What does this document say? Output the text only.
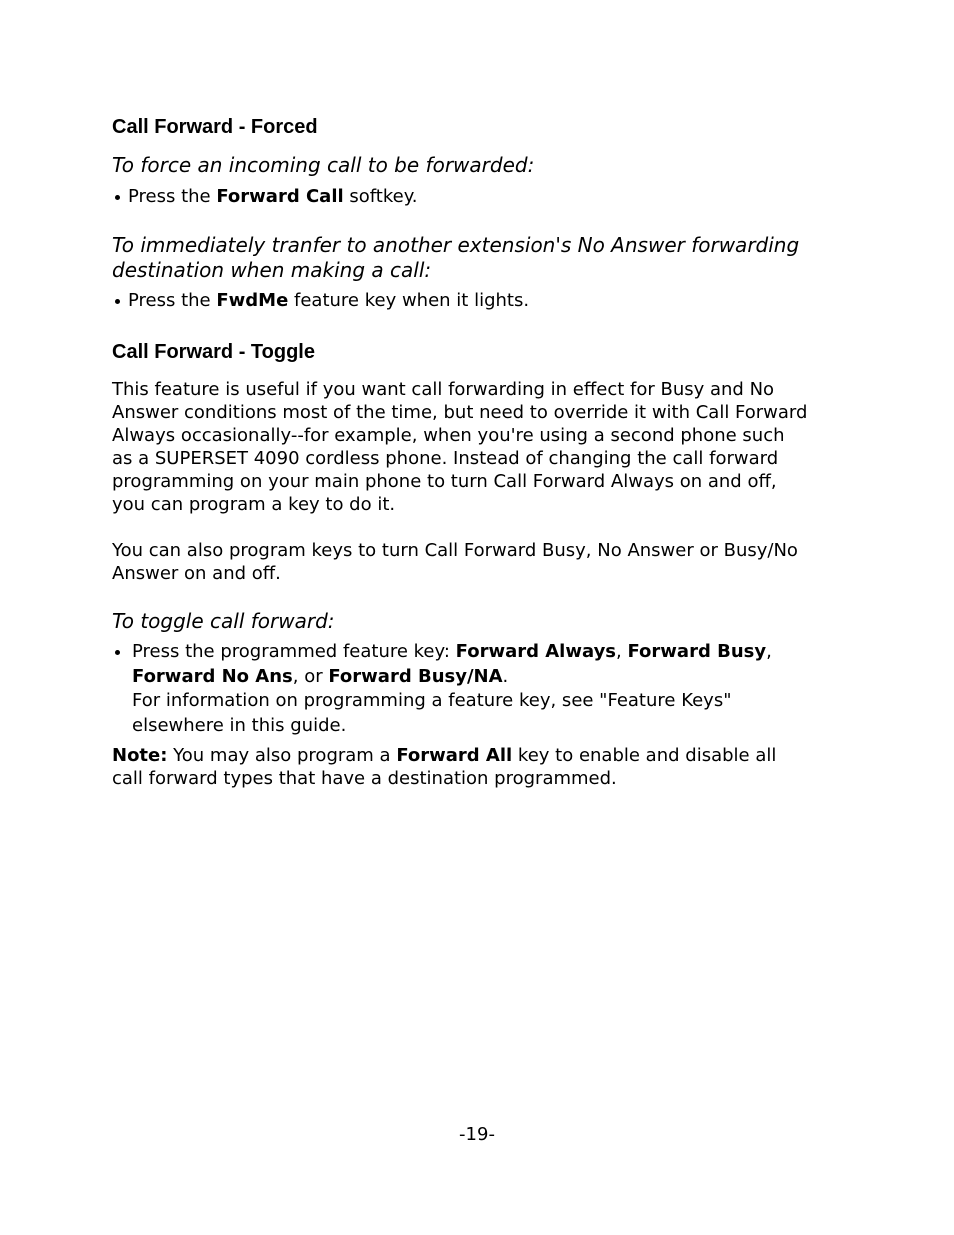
Call Forward - Forced
To force an incoming call to be forwarded:
Press the Forward Call softkey.
To immediately tranfer to another extension's No Answer forwarding
destination when making a call:
Press the FwdMe feature key when it lights.
Call Forward - Toggle
This feature is useful if you want call forwarding in effect for Busy and No
Answer conditions most of the time, but need to override it with Call Forward
Always occasionally--for example, when you're using a second phone such
as a SUPERSET 4090 cordless phone. Instead of changing the call forward
programming on your main phone to turn Call Forward Always on and off,
you can program a key to do it.
You can also program keys to turn Call Forward Busy, No Answer or Busy/No
Answer on and off.
To toggle call forward:
Press the programmed feature key: Forward Always, Forward Busy,
Forward No Ans, or Forward Busy/NA.
For information on programming a feature key, see "Feature Keys"
elsewhere in this guide.
Note: You may also program a Forward All key to enable and disable all
call forward types that have a destination programmed.
-19-
